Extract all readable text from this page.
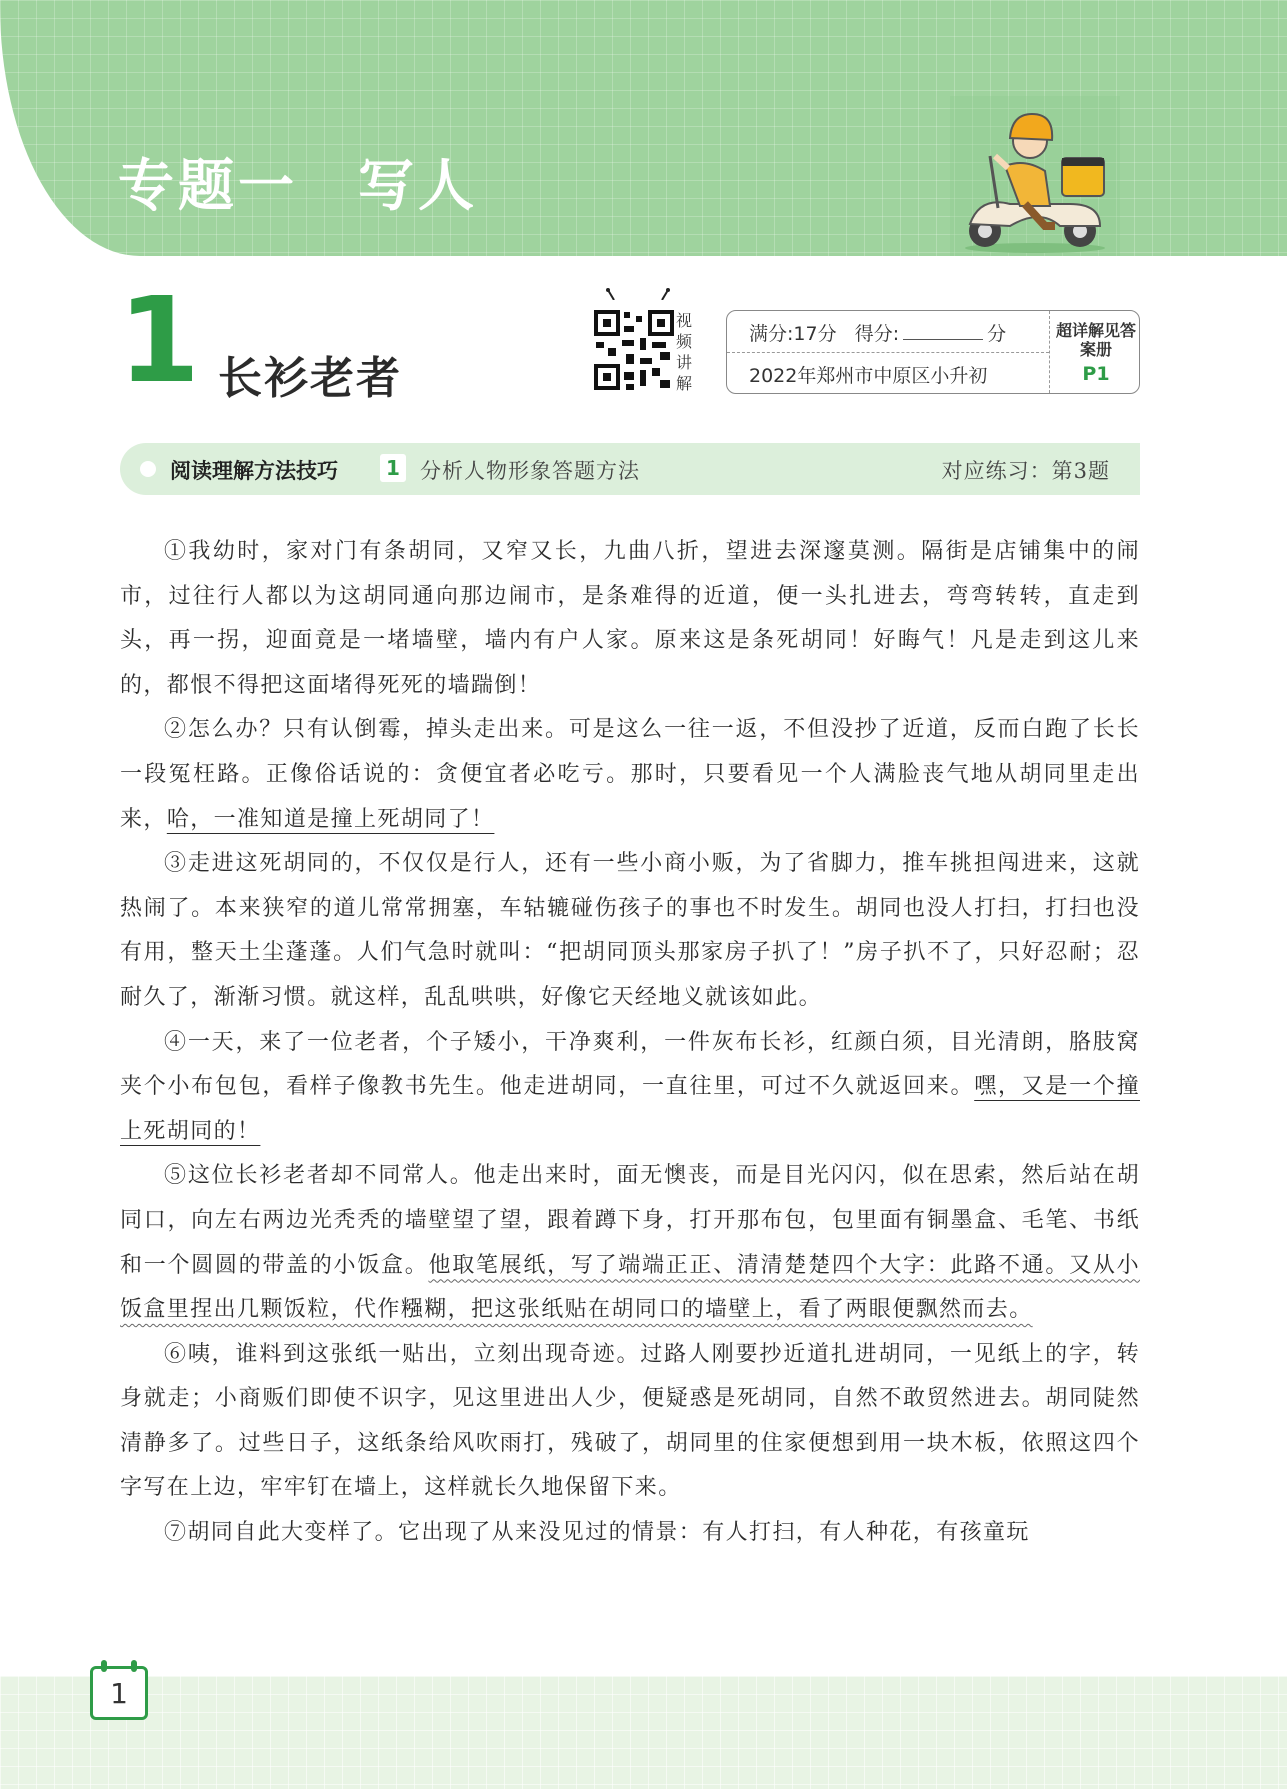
专题一　写人
1 长衫老者
视频讲解
满分:17分 得分:	分
2022年郑州市中原区小升初
超详解见答案册
P1
阅读理解方法技巧	1 分析人物形象答题方法	对应练习：第3题

①我幼时，家对门有条胡同，又窄又长，九曲八折，望进去深邃莫测。隔街是店铺集中的闹市，过往行人都以为这胡同通向那边闹市，是条难得的近道，便一头扎进去，弯弯转转，直走到头，再一拐，迎面竟是一堵墙壁，墙内有户人家。原来这是条死胡同！好晦气！凡是走到这儿来的，都恨不得把这面堵得死死的墙踹倒！

②怎么办？只有认倒霉，掉头走出来。可是这么一往一返，不但没抄了近道，反而白跑了长长一段冤枉路。正像俗话说的：贪便宜者必吃亏。那时，只要看见一个人满脸丧气地从胡同里走出来，哈，一准知道是撞上死胡同了！

③走进这死胡同的，不仅仅是行人，还有一些小商小贩，为了省脚力，推车挑担闯进来，这就热闹了。本来狭窄的道儿常常拥塞，车轱辘碰伤孩子的事也不时发生。胡同也没人打扫，打扫也没有用，整天土尘蓬蓬。人们气急时就叫：“把胡同顶头那家房子扒了！”房子扒不了，只好忍耐；忍耐久了，渐渐习惯。就这样，乱乱哄哄，好像它天经地义就该如此。

④一天，来了一位老者，个子矮小，干净爽利，一件灰布长衫，红颜白须，目光清朗，胳肢窝夹个小布包包，看样子像教书先生。他走进胡同，一直往里，可过不久就返回来。嘿，又是一个撞上死胡同的！

⑤这位长衫老者却不同常人。他走出来时，面无懊丧，而是目光闪闪，似在思索，然后站在胡同口，向左右两边光秃秃的墙壁望了望，跟着蹲下身，打开那布包，包里面有铜墨盒、毛笔、书纸和一个圆圆的带盖的小饭盒。他取笔展纸，写了端端正正、清清楚楚四个大字：此路不通。又从小饭盒里捏出几颗饭粒，代作糨糊，把这张纸贴在胡同口的墙壁上，看了两眼便飘然而去。

⑥咦，谁料到这张纸一贴出，立刻出现奇迹。过路人刚要抄近道扎进胡同，一见纸上的字，转身就走；小商贩们即使不识字，见这里进出人少，便疑惑是死胡同，自然不敢贸然进去。胡同陡然清静多了。过些日子，这纸条给风吹雨打，残破了，胡同里的住家便想到用一块木板，依照这四个字写在上边，牢牢钉在墙上，这样就长久地保留下来。

⑦胡同自此大变样了。它出现了从来没见过的情景：有人打扫，有人种花，有孩童玩

1
